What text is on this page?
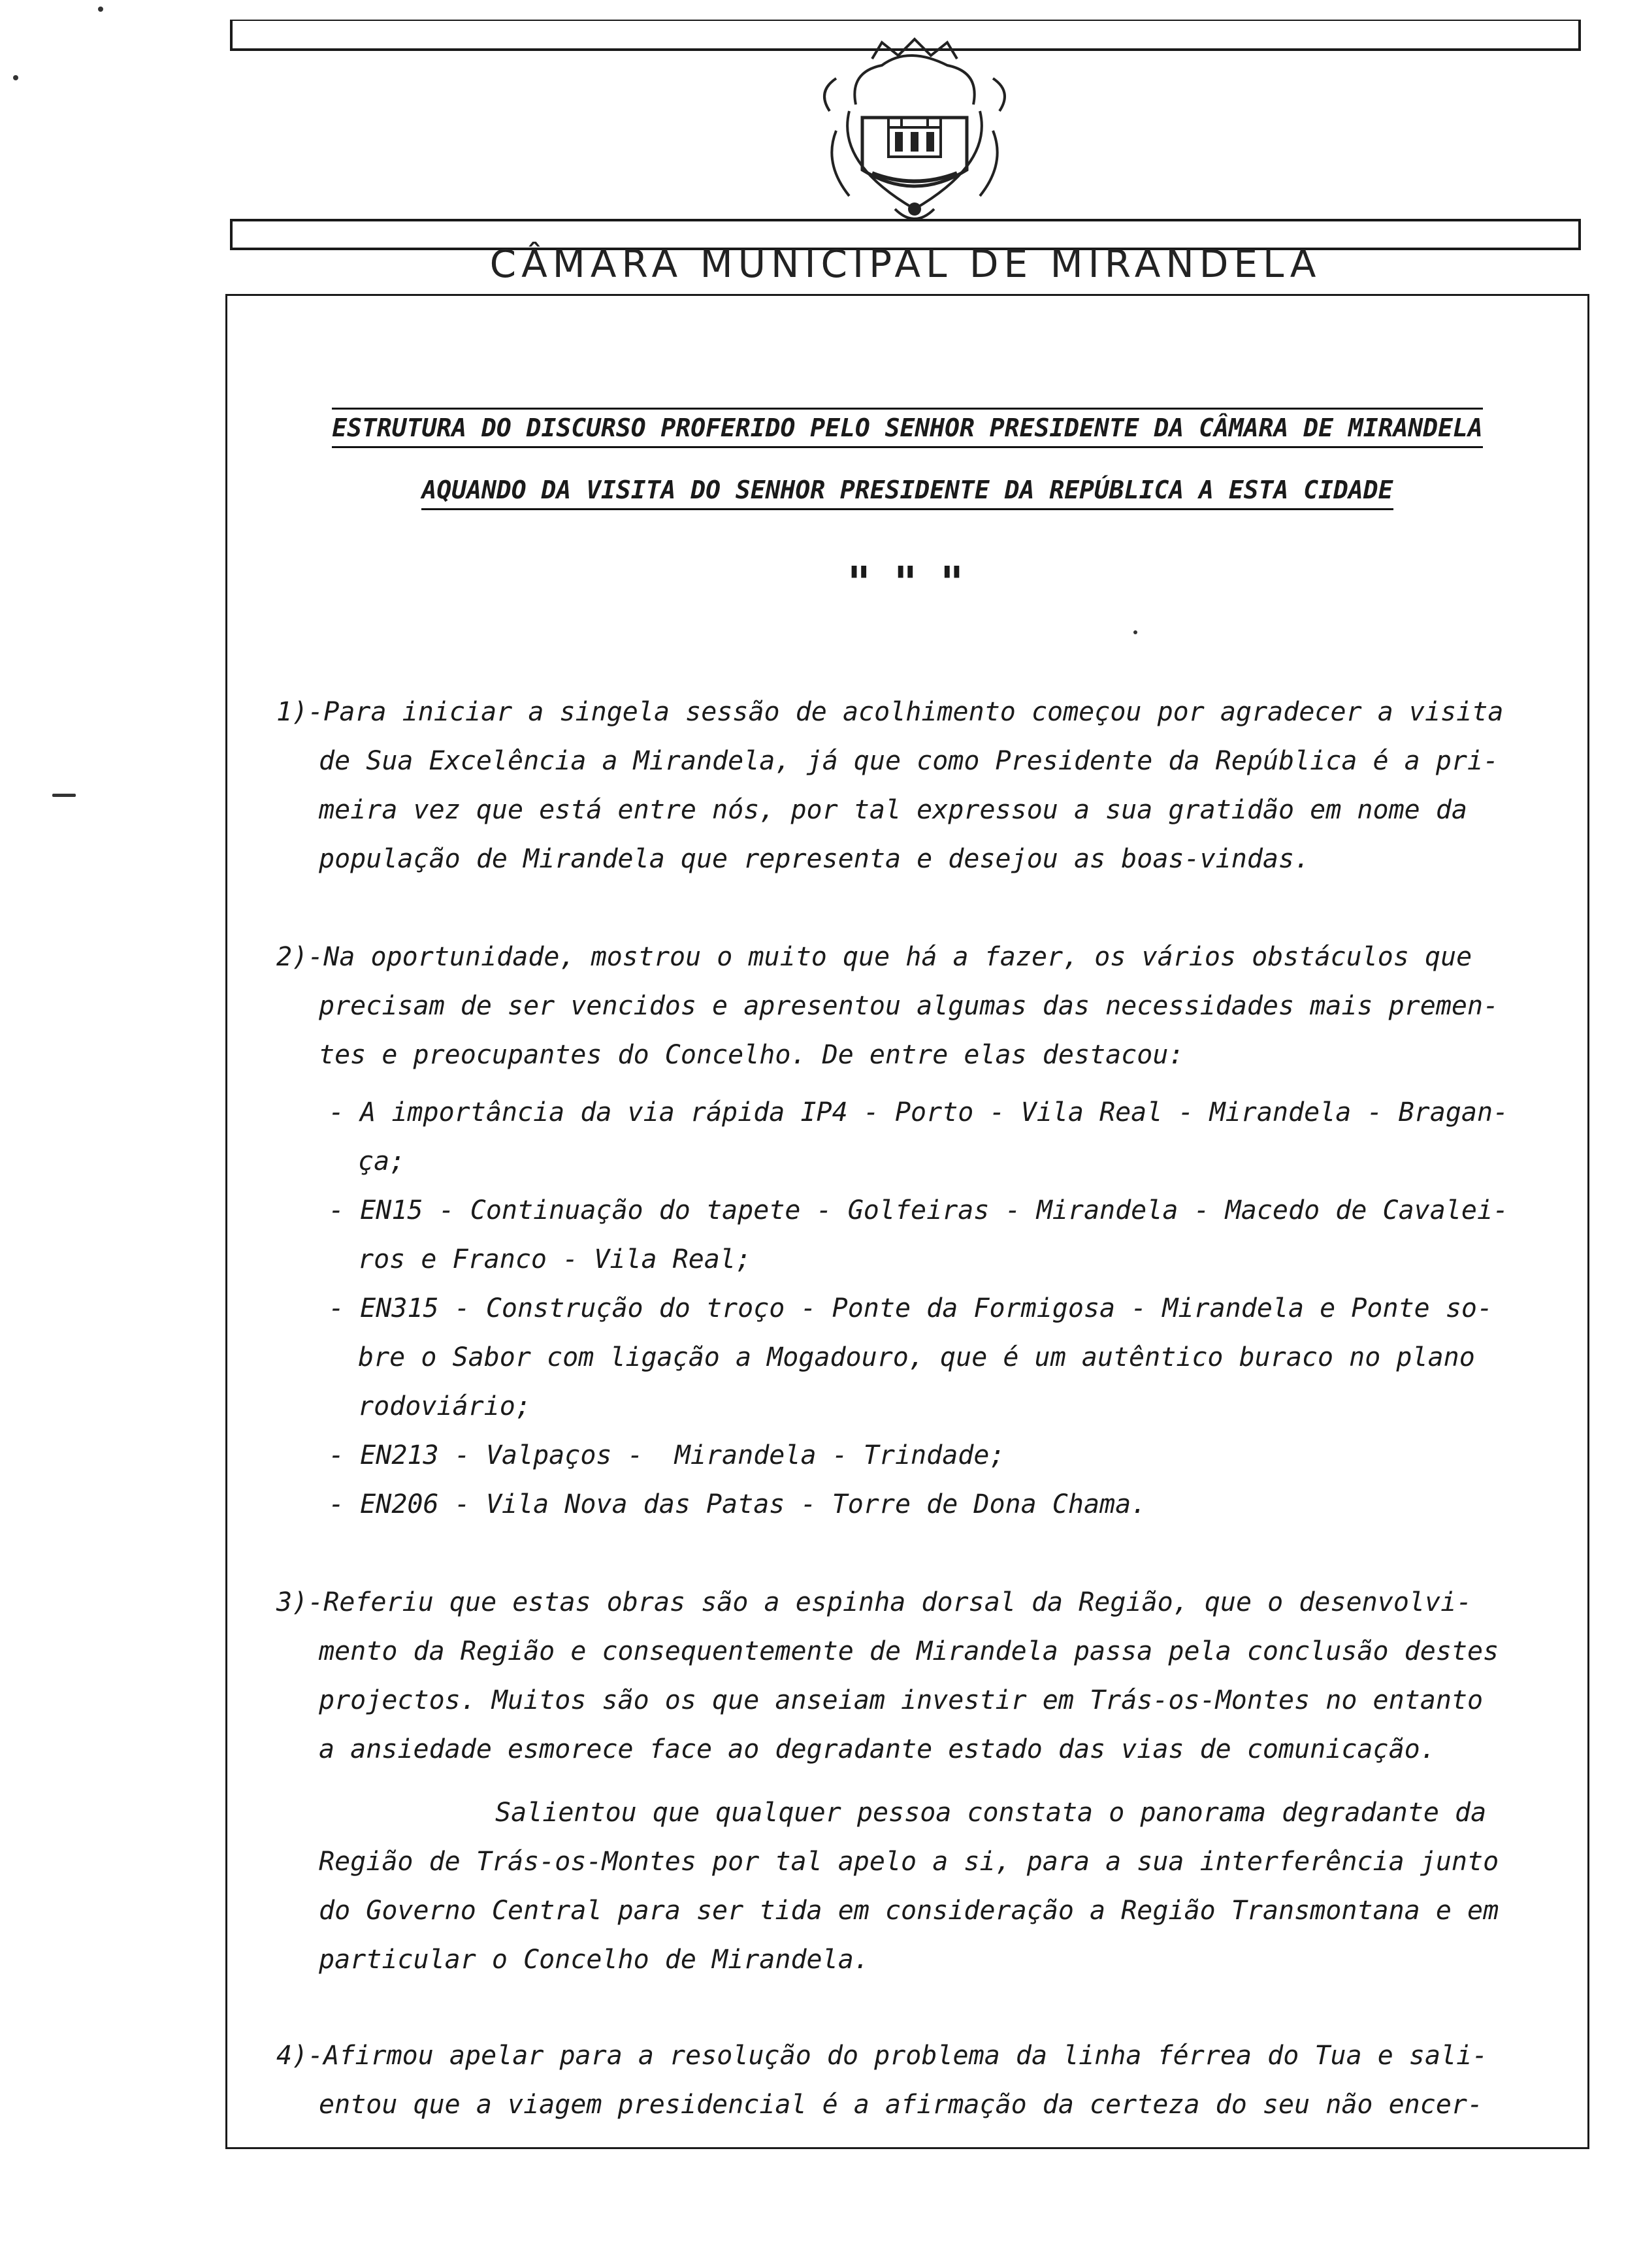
CÂMARA MUNICIPAL DE MIRANDELA
ESTRUTURA DO DISCURSO PROFERIDO PELO SENHOR PRESIDENTE DA CÂMARA DE MIRANDELA
AQUANDO DA VISITA DO SENHOR PRESIDENTE DA REPÚBLICA A ESTA CIDADE
" " "
1)-Para iniciar a singela sessão de acolhimento começou por agradecer a visita
de Sua Excelência a Mirandela, já que como Presidente da República é a pri-
meira vez que está entre nós, por tal expressou a sua gratidão em nome da
população de Mirandela que representa e desejou as boas-vindas.
2)-Na oportunidade, mostrou o muito que há a fazer, os vários obstáculos que
precisam de ser vencidos e apresentou algumas das necessidades mais premen-
tes e preocupantes do Concelho. De entre elas destacou:
- A importância da via rápida IP4 - Porto - Vila Real - Mirandela - Bragan-
ça;
- EN15 - Continuação do tapete - Golfeiras - Mirandela - Macedo de Cavalei-
ros e Franco - Vila Real;
- EN315 - Construção do troço - Ponte da Formigosa - Mirandela e Ponte so-
bre o Sabor com ligação a Mogadouro, que é um autêntico buraco no plano
rodoviário;
- EN213 - Valpaços -  Mirandela - Trindade;
- EN206 - Vila Nova das Patas - Torre de Dona Chama.
3)-Referiu que estas obras são a espinha dorsal da Região, que o desenvolvi-
mento da Região e consequentemente de Mirandela passa pela conclusão destes
projectos. Muitos são os que anseiam investir em Trás-os-Montes no entanto
a ansiedade esmorece face ao degradante estado das vias de comunicação.
Salientou que qualquer pessoa constata o panorama degradante da
Região de Trás-os-Montes por tal apelo a si, para a sua interferência junto
do Governo Central para ser tida em consideração a Região Transmontana e em
particular o Concelho de Mirandela.
4)-Afirmou apelar para a resolução do problema da linha férrea do Tua e sali-
entou que a viagem presidencial é a afirmação da certeza do seu não encer-
